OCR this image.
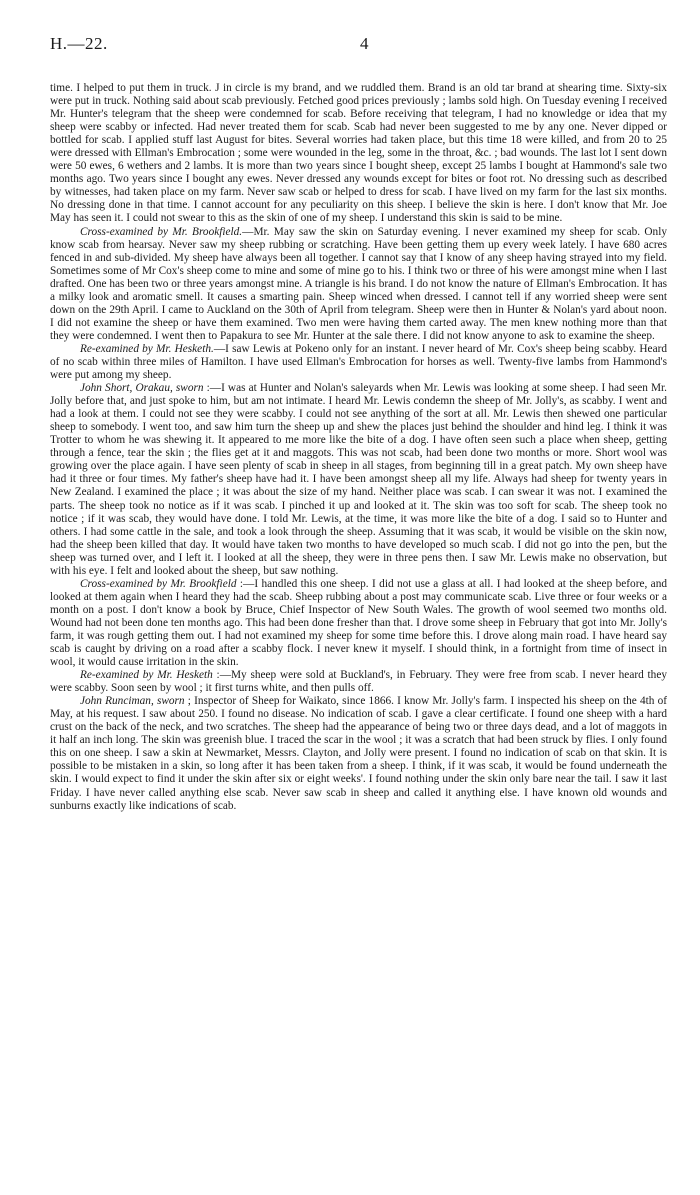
H.—22.	4

time. I helped to put them in truck. J in circle is my brand, and we ruddled them. Brand is an old tar brand at shearing time. Sixty-six were put in truck. Nothing said about scab previously. Fetched good prices previously ; lambs sold high. On Tuesday evening I received Mr. Hunter's telegram that the sheep were condemned for scab. Before receiving that telegram, I had no knowledge or idea that my sheep were scabby or infected. Had never treated them for scab. Scab had never been suggested to me by any one. Never dipped or bottled for scab. I applied stuff last August for bites. Several worries had taken place, but this time 18 were killed, and from 20 to 25 were dressed with Ellman's Embrocation ; some were wounded in the leg, some in the throat, &c. ; bad wounds. The last lot I sent down were 50 ewes, 6 wethers and 2 lambs. It is more than two years since I bought sheep, except 25 lambs I bought at Hammond's sale two months ago. Two years since I bought any ewes. Never dressed any wounds except for bites or foot rot. No dressing such as described by witnesses, had taken place on my farm. Never saw scab or helped to dress for scab. I have lived on my farm for the last six months. No dressing done in that time. I cannot account for any peculiarity on this sheep. I believe the skin is here. I don't know that Mr. Joe May has seen it. I could not swear to this as the skin of one of my sheep. I understand this skin is said to be mine.

Cross-examined by Mr. Brookfield.—Mr. May saw the skin on Saturday evening. I never examined my sheep for scab. Only know scab from hearsay. Never saw my sheep rubbing or scratching. Have been getting them up every week lately. I have 680 acres fenced in and sub-divided. My sheep have always been all together. I cannot say that I know of any sheep having strayed into my field. Sometimes some of Mr Cox's sheep come to mine and some of mine go to his. I think two or three of his were amongst mine when I last drafted. One has been two or three years amongst mine. A triangle is his brand. I do not know the nature of Ellman's Embrocation. It has a milky look and aromatic smell. It causes a smarting pain. Sheep winced when dressed. I cannot tell if any worried sheep were sent down on the 29th April. I came to Auckland on the 30th of April from telegram. Sheep were then in Hunter & Nolan's yard about noon. I did not examine the sheep or have them examined. Two men were having them carted away. The men knew nothing more than that they were condemned. I went then to Papakura to see Mr. Hunter at the sale there. I did not know anyone to ask to examine the sheep.

Re-examined by Mr. Hesketh.—I saw Lewis at Pokeno only for an instant. I never heard of Mr. Cox's sheep being scabby. Heard of no scab within three miles of Hamilton. I have used Ellman's Embrocation for horses as well. Twenty-five lambs from Hammond's were put among my sheep.

John Short, Orakau, sworn :—I was at Hunter and Nolan's saleyards when Mr. Lewis was looking at some sheep. I had seen Mr. Jolly before that, and just spoke to him, but am not intimate. I heard Mr. Lewis condemn the sheep of Mr. Jolly's, as scabby. I went and had a look at them. I could not see they were scabby. I could not see anything of the sort at all. Mr. Lewis then shewed one particular sheep to somebody. I went too, and saw him turn the sheep up and shew the places just behind the shoulder and hind leg. I think it was Trotter to whom he was shewing it. It appeared to me more like the bite of a dog. I have often seen such a place when sheep, getting through a fence, tear the skin ; the flies get at it and maggots. This was not scab, had been done two months or more. Short wool was growing over the place again. I have seen plenty of scab in sheep in all stages, from beginning till in a great patch. My own sheep have had it three or four times. My father's sheep have had it. I have been amongst sheep all my life. Always had sheep for twenty years in New Zealand. I examined the place ; it was about the size of my hand. Neither place was scab. I can swear it was not. I examined the parts. The sheep took no notice as if it was scab. I pinched it up and looked at it. The skin was too soft for scab. The sheep took no notice ; if it was scab, they would have done. I told Mr. Lewis, at the time, it was more like the bite of a dog. I said so to Hunter and others. I had some cattle in the sale, and took a look through the sheep. Assuming that it was scab, it would be visible on the skin now, had the sheep been killed that day. It would have taken two months to have developed so much scab. I did not go into the pen, but the sheep was turned over, and I left it. I looked at all the sheep, they were in three pens then. I saw Mr. Lewis make no observation, but with his eye. I felt and looked about the sheep, but saw nothing.

Cross-examined by Mr. Brookfield :—I handled this one sheep. I did not use a glass at all. I had looked at the sheep before, and looked at them again when I heard they had the scab. Sheep rubbing about a post may communicate scab. Live three or four weeks or a month on a post. I don't know a book by Bruce, Chief Inspector of New South Wales. The growth of wool seemed two months old. Wound had not been done ten months ago. This had been done fresher than that. I drove some sheep in February that got into Mr. Jolly's farm, it was rough getting them out. I had not examined my sheep for some time before this. I drove along main road. I have heard say scab is caught by driving on a road after a scabby flock. I never knew it myself. I should think, in a fortnight from time of insect in wool, it would cause irritation in the skin.

Re-examined by Mr. Hesketh :—My sheep were sold at Buckland's, in February. They were free from scab. I never heard they were scabby. Soon seen by wool ; it first turns white, and then pulls off.

John Runciman, sworn ; Inspector of Sheep for Waikato, since 1866. I know Mr. Jolly's farm. I inspected his sheep on the 4th of May, at his request. I saw about 250. I found no disease. No indication of scab. I gave a clear certificate. I found one sheep with a hard crust on the back of the neck, and two scratches. The sheep had the appearance of being two or three days dead, and a lot of maggots in it half an inch long. The skin was greenish blue. I traced the scar in the wool ; it was a scratch that had been struck by flies. I only found this on one sheep. I saw a skin at Newmarket, Messrs. Clayton, and Jolly were present. I found no indication of scab on that skin. It is possible to be mistaken in a skin, so long after it has been taken from a sheep. I think, if it was scab, it would be found underneath the skin. I would expect to find it under the skin after six or eight weeks'. I found nothing under the skin only bare near the tail. I saw it last Friday. I have never called anything else scab. Never saw scab in sheep and called it anything else. I have known old wounds and sunburns exactly like indications of scab.
